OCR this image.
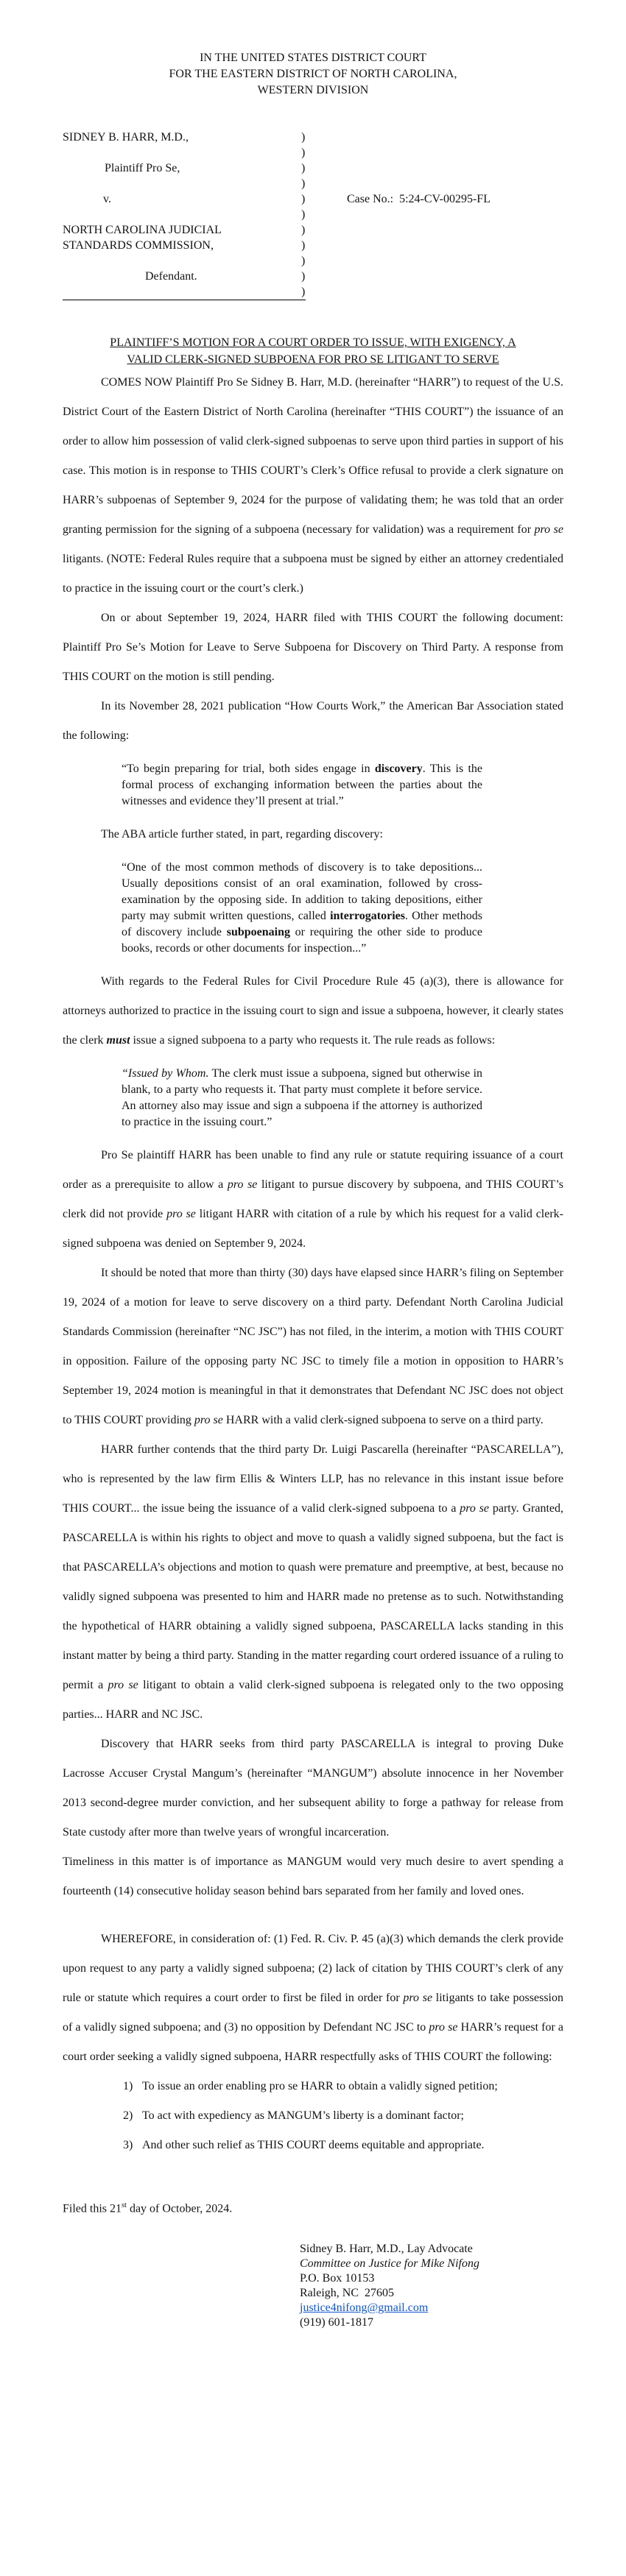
IN THE UNITED STATES DISTRICT COURT
FOR THE EASTERN DISTRICT OF NORTH CAROLINA,
WESTERN DIVISION
SIDNEY B. HARR, M.D.,
Plaintiff Pro Se,
v.
NORTH CAROLINA JUDICIAL
STANDARDS COMMISSION,
Defendant.
)
)
)
)
)
)
)
)
)
)
)
Case No.:  5:24-CV-00295-FL
PLAINTIFF’S MOTION FOR A COURT ORDER TO ISSUE, WITH EXIGENCY, A
VALID CLERK-SIGNED SUBPOENA FOR PRO SE LITIGANT TO SERVE
COMES NOW Plaintiff Pro Se Sidney B. Harr, M.D. (hereinafter “HARR”) to request of the U.S. District Court of the Eastern District of North Carolina (hereinafter “THIS COURT”) the issuance of an order to allow him possession of valid clerk-signed subpoenas to serve upon third parties in support of his case. This motion is in response to THIS COURT’s Clerk’s Office refusal to provide a clerk signature on HARR’s subpoenas of September 9, 2024 for the purpose of validating them; he was told that an order granting permission for the signing of a subpoena (necessary for validation) was a requirement for pro se litigants. (NOTE: Federal Rules require that a subpoena must be signed by either an attorney credentialed to practice in the issuing court or the court’s clerk.)
On or about September 19, 2024, HARR filed with THIS COURT the following document: Plaintiff Pro Se’s Motion for Leave to Serve Subpoena for Discovery on Third Party. A response from THIS COURT on the motion is still pending.
In its November 28, 2021 publication “How Courts Work,” the American Bar Association stated the following:
“To begin preparing for trial, both sides engage in discovery. This is the formal process of exchanging information between the parties about the witnesses and evidence they’ll present at trial.”
The ABA article further stated, in part, regarding discovery:
“One of the most common methods of discovery is to take depositions... Usually depositions consist of an oral examination, followed by cross-examination by the opposing side. In addition to taking depositions, either party may submit written questions, called interrogatories. Other methods of discovery include subpoenaing or requiring the other side to produce books, records or other documents for inspection...”
With regards to the Federal Rules for Civil Procedure Rule 45 (a)(3), there is allowance for attorneys authorized to practice in the issuing court to sign and issue a subpoena, however, it clearly states the clerk must issue a signed subpoena to a party who requests it. The rule reads as follows:
“Issued by Whom. The clerk must issue a subpoena, signed but otherwise in blank, to a party who requests it. That party must complete it before service. An attorney also may issue and sign a subpoena if the attorney is authorized to practice in the issuing court.”
Pro Se plaintiff HARR has been unable to find any rule or statute requiring issuance of a court order as a prerequisite to allow a pro se litigant to pursue discovery by subpoena, and THIS COURT’s clerk did not provide pro se litigant HARR with citation of a rule by which his request for a valid clerk-signed subpoena was denied on September 9, 2024.
It should be noted that more than thirty (30) days have elapsed since HARR’s filing on September 19, 2024 of a motion for leave to serve discovery on a third party. Defendant North Carolina Judicial Standards Commission (hereinafter “NC JSC”) has not filed, in the interim, a motion with THIS COURT in opposition. Failure of the opposing party NC JSC to timely file a motion in opposition to HARR’s September 19, 2024 motion is meaningful in that it demonstrates that Defendant NC JSC does not object to THIS COURT providing pro se HARR with a valid clerk-signed subpoena to serve on a third party.
HARR further contends that the third party Dr. Luigi Pascarella (hereinafter “PASCARELLA”), who is represented by the law firm Ellis & Winters LLP, has no relevance in this instant issue before THIS COURT... the issue being the issuance of a valid clerk-signed subpoena to a pro se party. Granted, PASCARELLA is within his rights to object and move to quash a validly signed subpoena, but the fact is that PASCARELLA’s objections and motion to quash were premature and preemptive, at best, because no validly signed subpoena was presented to him and HARR made no pretense as to such. Notwithstanding the hypothetical of HARR obtaining a validly signed subpoena, PASCARELLA lacks standing in this instant matter by being a third party. Standing in the matter regarding court ordered issuance of a ruling to permit a pro se litigant to obtain a valid clerk-signed subpoena is relegated only to the two opposing parties... HARR and NC JSC.
Discovery that HARR seeks from third party PASCARELLA is integral to proving Duke Lacrosse Accuser Crystal Mangum’s (hereinafter “MANGUM”) absolute innocence in her November 2013 second-degree murder conviction, and her subsequent ability to forge a pathway for release from State custody after more than twelve years of wrongful incarceration.
Timeliness in this matter is of importance as MANGUM would very much desire to avert spending a fourteenth (14) consecutive holiday season behind bars separated from her family and loved ones.
WHEREFORE, in consideration of: (1) Fed. R. Civ. P. 45 (a)(3) which demands the clerk provide upon request to any party a validly signed subpoena; (2) lack of citation by THIS COURT’s clerk of any rule or statute which requires a court order to first be filed in order for pro se litigants to take possession of a validly signed subpoena; and (3) no opposition by Defendant NC JSC to pro se HARR’s request for a court order seeking a validly signed subpoena, HARR respectfully asks of THIS COURT the following:
1) To issue an order enabling pro se HARR to obtain a validly signed petition;
2) To act with expediency as MANGUM’s liberty is a dominant factor;
3) And other such relief as THIS COURT deems equitable and appropriate.
Filed this 21st day of October, 2024.
Sidney B. Harr, M.D., Lay Advocate
Committee on Justice for Mike Nifong
P.O. Box 10153
Raleigh, NC  27605
justice4nifong@gmail.com
(919) 601-1817
